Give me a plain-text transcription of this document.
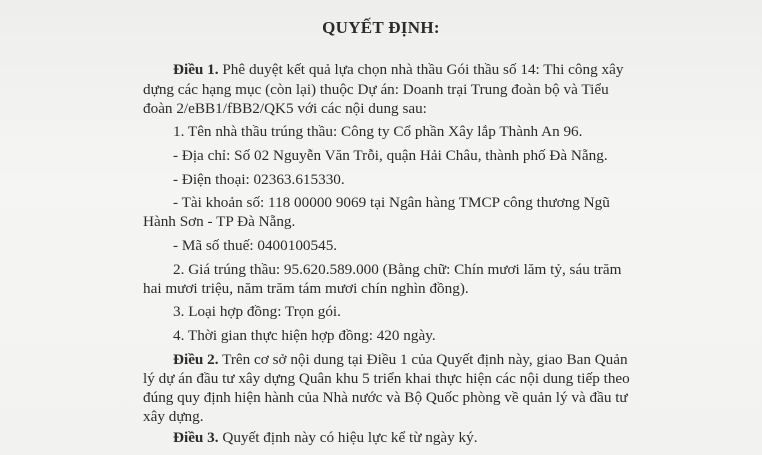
QUYẾT ĐỊNH:
Điều 1. Phê duyệt kết quả lựa chọn nhà thầu Gói thầu số 14: Thi công xây
dựng các hạng mục (còn lại) thuộc Dự án: Doanh trại Trung đoàn bộ và Tiểu
đoàn 2/eBB1/fBB2/QK5 với các nội dung sau:
1. Tên nhà thầu trúng thầu: Công ty Cổ phần Xây lắp Thành An 96.
- Địa chỉ: Số 02 Nguyễn Văn Trỗi, quận Hải Châu, thành phố Đà Nẵng.
- Điện thoại: 02363.615330.
- Tài khoản số: 118 00000 9069 tại Ngân hàng TMCP công thương Ngũ
Hành Sơn - TP Đà Nẵng.
- Mã số thuế: 0400100545.
2. Giá trúng thầu: 95.620.589.000 (Bằng chữ: Chín mươi lăm tỷ, sáu trăm
hai mươi triệu, năm trăm tám mươi chín nghìn đồng).
3. Loại hợp đồng: Trọn gói.
4. Thời gian thực hiện hợp đồng: 420 ngày.
Điều 2. Trên cơ sở nội dung tại Điều 1 của Quyết định này, giao Ban Quản
lý dự án đầu tư xây dựng Quân khu 5 triển khai thực hiện các nội dung tiếp theo
đúng quy định hiện hành của Nhà nước và Bộ Quốc phòng về quản lý và đầu tư
xây dựng.
Điều 3. Quyết định này có hiệu lực kể từ ngày ký.
